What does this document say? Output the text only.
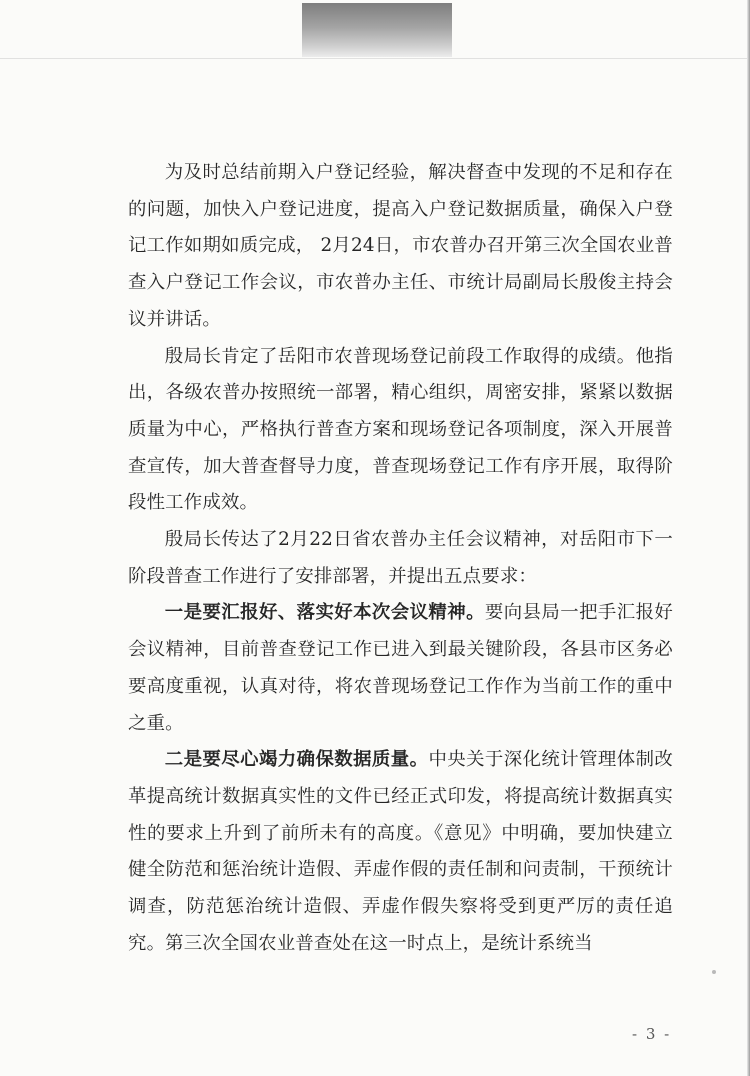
为及时总结前期入户登记经验，解决督查中发现的不足和存在的问题，加快入户登记进度，提高入户登记数据质量，确保入户登记工作如期如质完成， 2月24日，市农普办召开第三次全国农业普查入户登记工作会议，市农普办主任、市统计局副局长殷俊主持会议并讲话。

殷局长肯定了岳阳市农普现场登记前段工作取得的成绩。他指出，各级农普办按照统一部署，精心组织，周密安排，紧紧以数据质量为中心，严格执行普查方案和现场登记各项制度，深入开展普查宣传，加大普查督导力度，普查现场登记工作有序开展，取得阶段性工作成效。

殷局长传达了2月22日省农普办主任会议精神，对岳阳市下一阶段普查工作进行了安排部署，并提出五点要求：

一是要汇报好、落实好本次会议精神。要向县局一把手汇报好会议精神，目前普查登记工作已进入到最关键阶段，各县市区务必要高度重视，认真对待，将农普现场登记工作作为当前工作的重中之重。

二是要尽心竭力确保数据质量。中央关于深化统计管理体制改革提高统计数据真实性的文件已经正式印发，将提高统计数据真实性的要求上升到了前所未有的高度。《意见》中明确，要加快建立健全防范和惩治统计造假、弄虚作假的责任制和问责制，干预统计调查，防范惩治统计造假、弄虚作假失察将受到更严厉的责任追究。第三次全国农业普查处在这一时点上，是统计系统当

- 3 -
